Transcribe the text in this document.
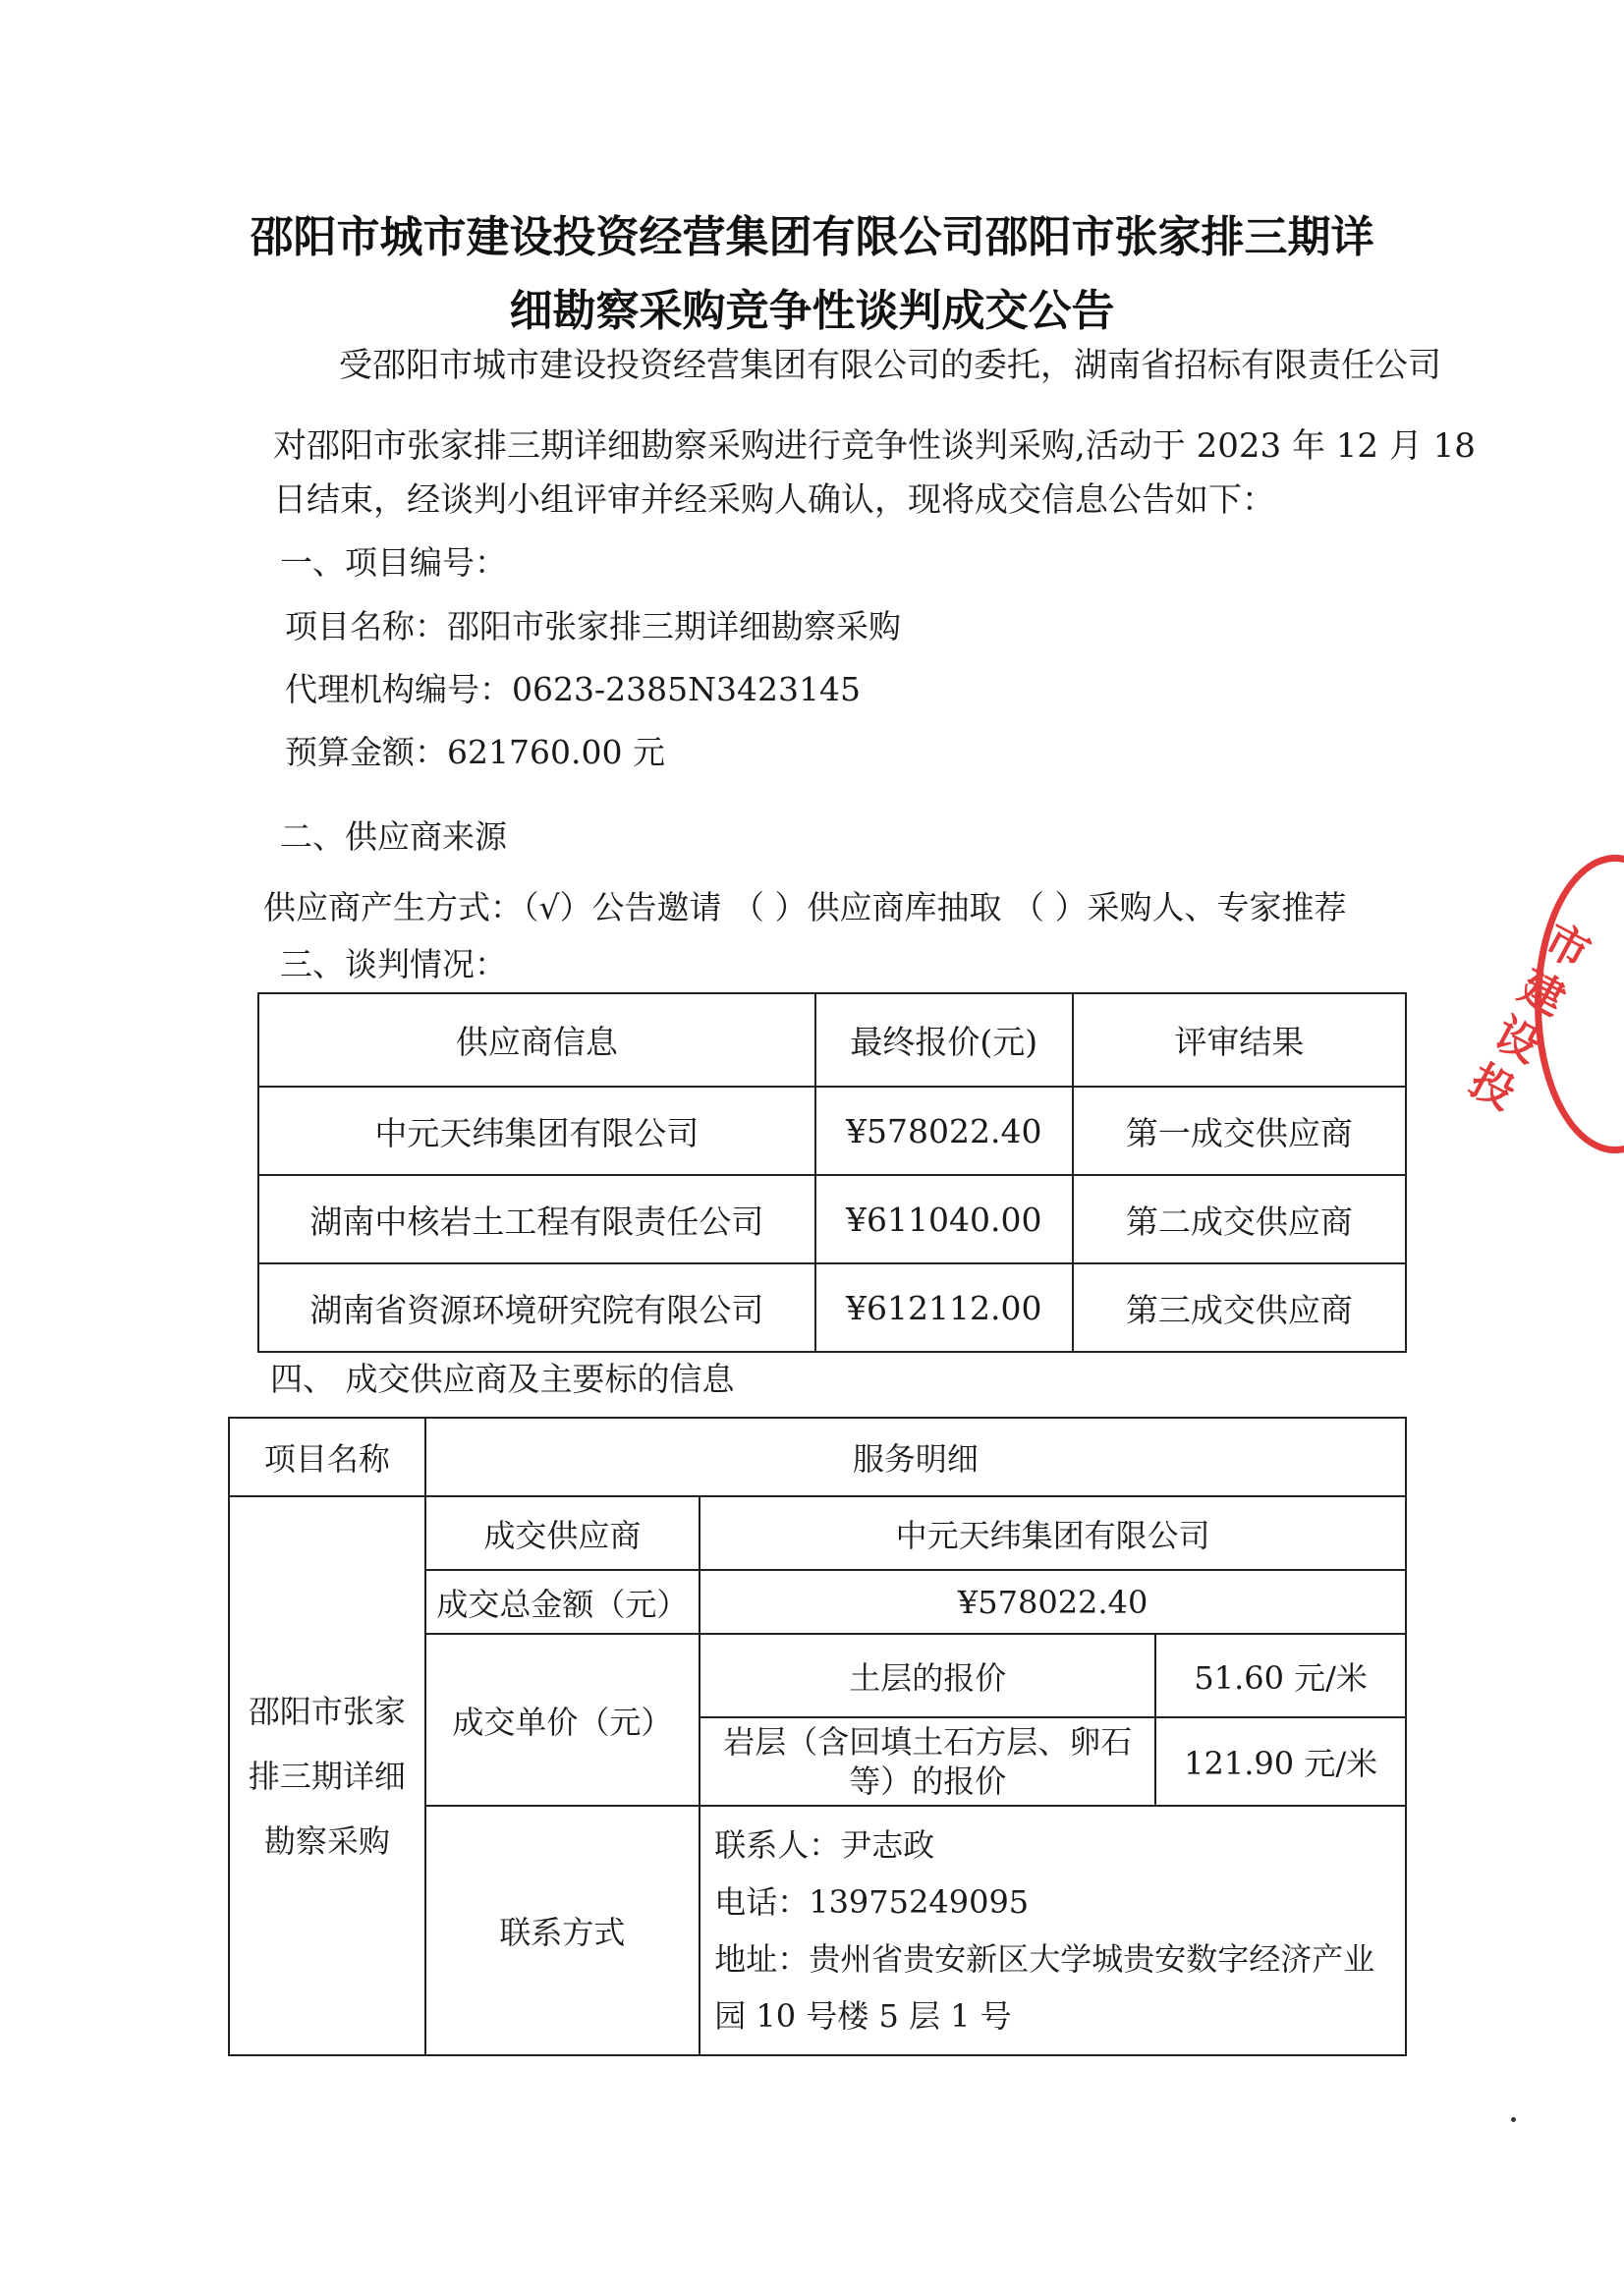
邵阳市城市建设投资经营集团有限公司邵阳市张家排三期详
细勘察采购竞争性谈判成交公告
受邵阳市城市建设投资经营集团有限公司的委托，湖南省招标有限责任公司
对邵阳市张家排三期详细勘察采购进行竞争性谈判采购,活动于 2023 年 12 月 18
日结束，经谈判小组评审并经采购人确认，现将成交信息公告如下：
一、项目编号：
项目名称：邵阳市张家排三期详细勘察采购
代理机构编号：0623-2385N3423145
预算金额：621760.00 元
二、供应商来源
供应商产生方式：（√）公告邀请 （ ）供应商库抽取 （ ）采购人、专家推荐
三、谈判情况：
供应商信息	最终报价(元)	评审结果
中元天纬集团有限公司	¥578022.40	第一成交供应商
湖南中核岩土工程有限责任公司	¥611040.00	第二成交供应商
湖南省资源环境研究院有限公司	¥612112.00	第三成交供应商
四、 成交供应商及主要标的信息
项目名称	服务明细		
邵阳市张家排三期详细勘察采购	成交供应商	中元天纬集团有限公司	
	成交总金额（元）	¥578022.40	
	成交单价（元）	土层的报价	51.60 元/米
		岩层（含回填土石方层、卵石等）的报价	121.90 元/米
	联系方式	联系人：尹志政
电话：13975249095
地址：贵州省贵安新区大学城贵安数字经济产业园 10 号楼 5 层 1 号	
市建设投
